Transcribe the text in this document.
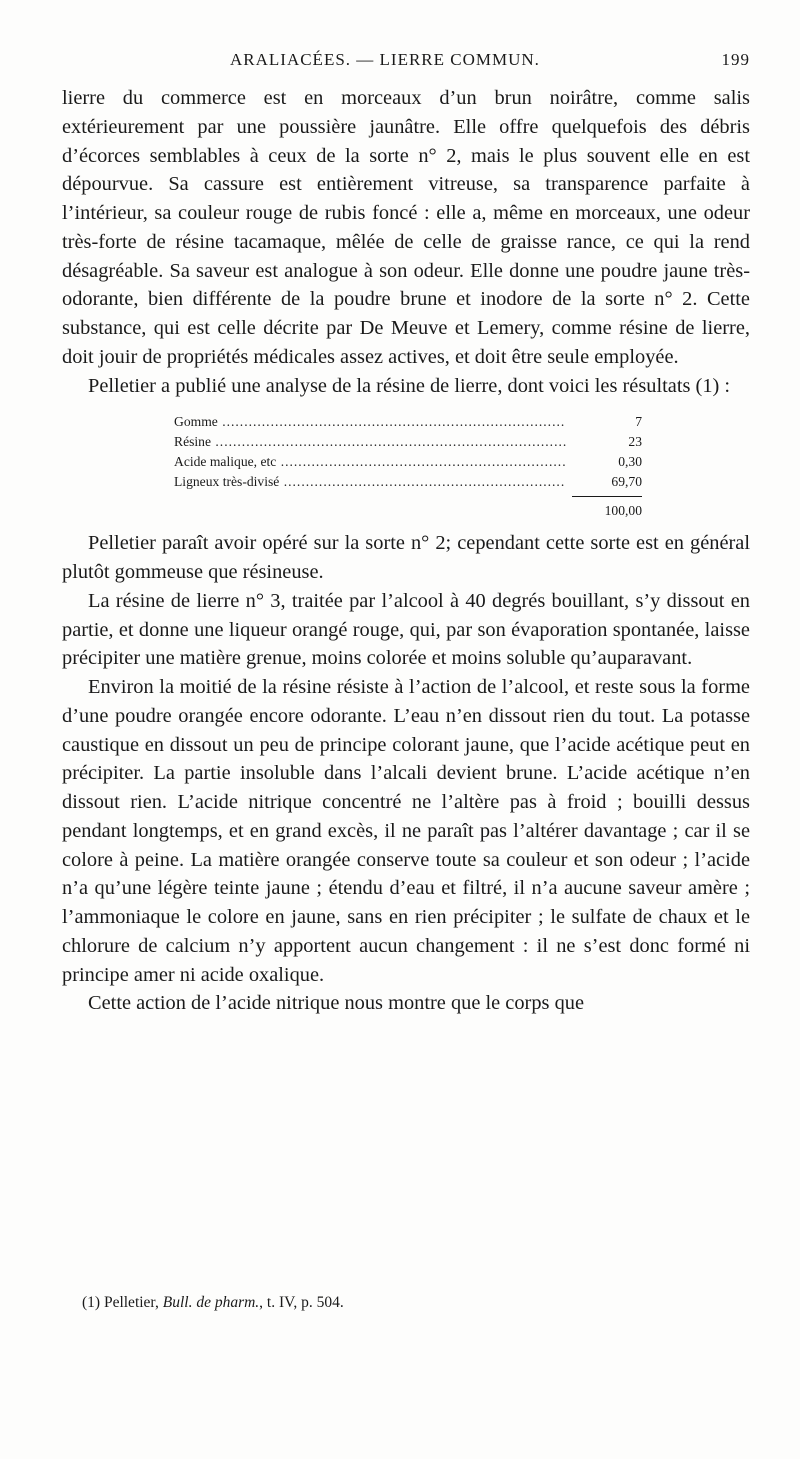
ARALIACÉES. — LIERRE COMMUN.	199

lierre du commerce est en morceaux d’un brun noirâtre, comme salis extérieurement par une poussière jaunâtre. Elle offre quelquefois des débris d’écorces semblables à ceux de la sorte n° 2, mais le plus souvent elle en est dépourvue. Sa cassure est entièrement vitreuse, sa transparence parfaite à l’intérieur, sa couleur rouge de rubis foncé : elle a, même en morceaux, une odeur très-forte de résine tacamaque, mêlée de celle de graisse rance, ce qui la rend désagréable. Sa saveur est analogue à son odeur. Elle donne une poudre jaune très-odorante, bien différente de la poudre brune et inodore de la sorte n° 2. Cette substance, qui est celle décrite par De Meuve et Lemery, comme résine de lierre, doit jouir de propriétés médicales assez actives, et doit être seule employée.

Pelletier a publié une analyse de la résine de lierre, dont voici les résultats (1) :

Gomme .....	7
Résine .....	23
Acide malique, etc .....	0,30
Ligneux très-divisé .....	69,70
100,00

Pelletier paraît avoir opéré sur la sorte n° 2; cependant cette sorte est en général plutôt gommeuse que résineuse.

La résine de lierre n° 3, traitée par l’alcool à 40 degrés bouillant, s’y dissout en partie, et donne une liqueur orangé rouge, qui, par son évaporation spontanée, laisse précipiter une matière grenue, moins colorée et moins soluble qu’auparavant.

Environ la moitié de la résine résiste à l’action de l’alcool, et reste sous la forme d’une poudre orangée encore odorante. L’eau n’en dissout rien du tout. La potasse caustique en dissout un peu de principe colorant jaune, que l’acide acétique peut en précipiter. La partie insoluble dans l’alcali devient brune. L’acide acétique n’en dissout rien. L’acide nitrique concentré ne l’altère pas à froid ; bouilli dessus pendant longtemps, et en grand excès, il ne paraît pas l’altérer davantage ; car il se colore à peine. La matière orangée conserve toute sa couleur et son odeur ; l’acide n’a qu’une légère teinte jaune ; étendu d’eau et filtré, il n’a aucune saveur amère ; l’ammoniaque le colore en jaune, sans en rien précipiter ; le sulfate de chaux et le chlorure de calcium n’y apportent aucun changement : il ne s’est donc formé ni principe amer ni acide oxalique.

Cette action de l’acide nitrique nous montre que le corps que

(1) Pelletier, Bull. de pharm., t. IV, p. 504.
